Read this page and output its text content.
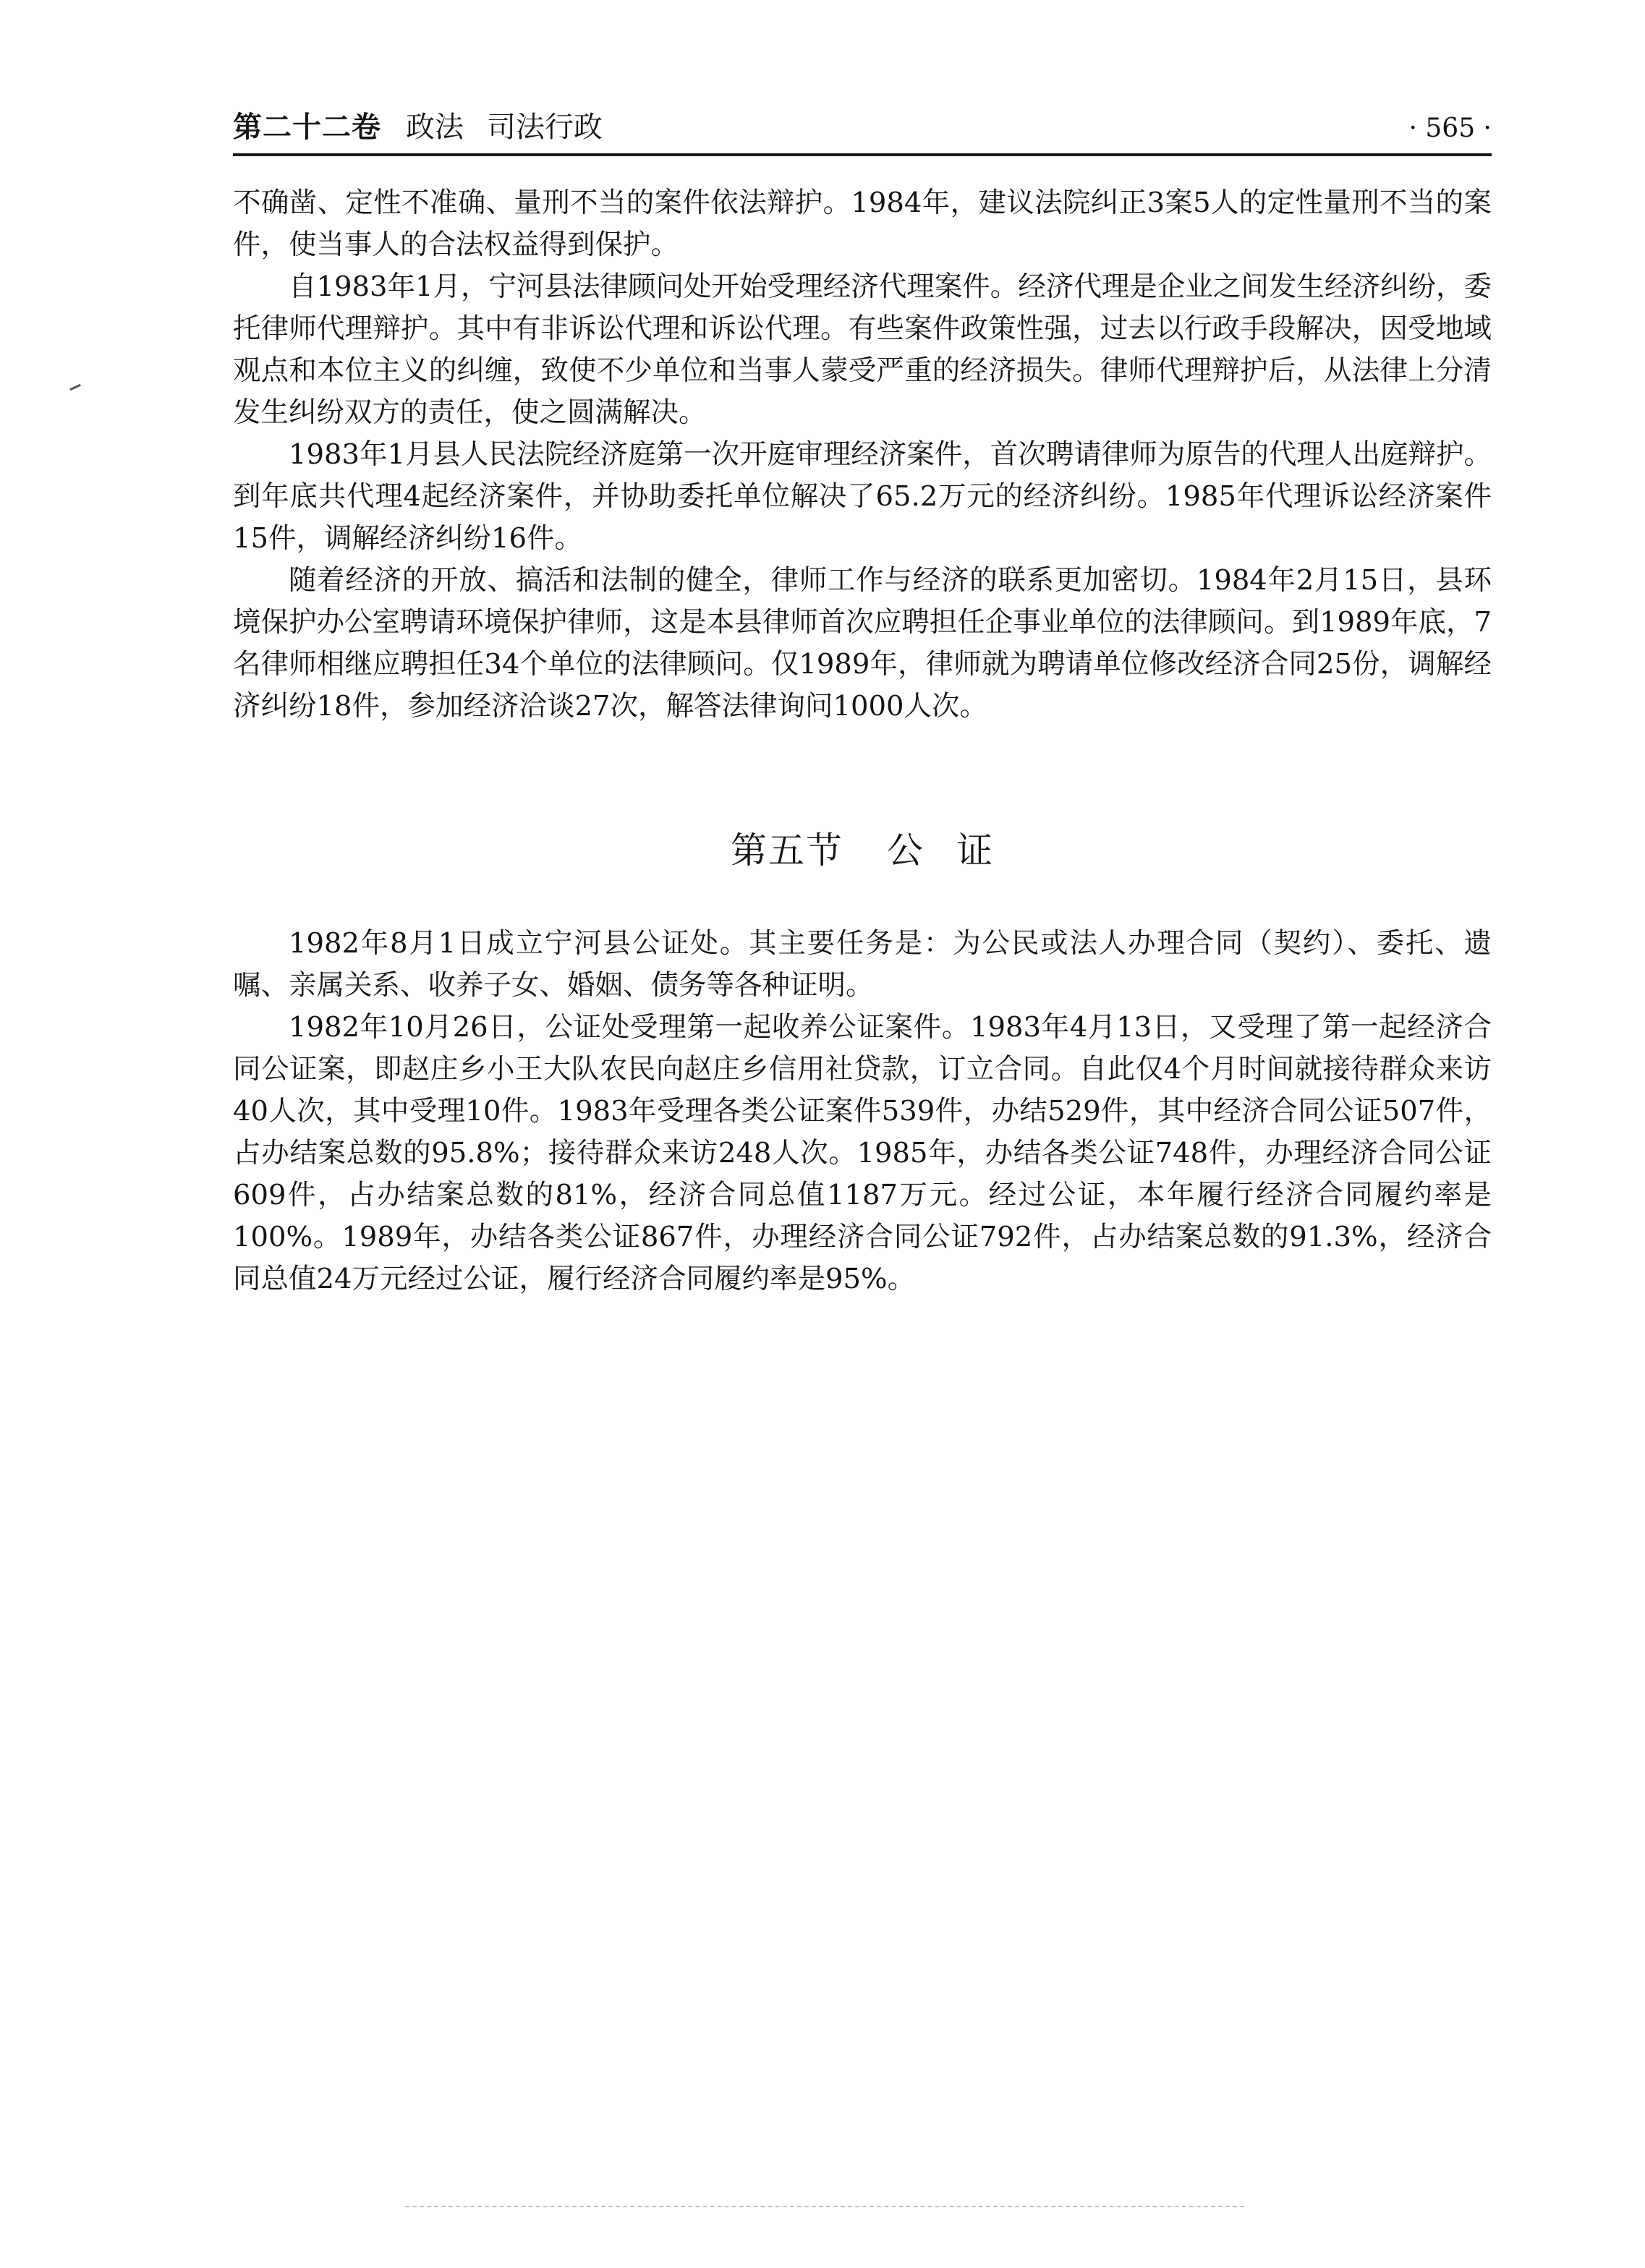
第二十二卷 政法 司法行政	· 565 ·

不确凿、定性不准确、量刑不当的案件依法辩护。1984年，建议法院纠正3案5人的定性量刑不当的案件，使当事人的合法权益得到保护。

自1983年1月，宁河县法律顾问处开始受理经济代理案件。经济代理是企业之间发生经济纠纷，委托律师代理辩护。其中有非诉讼代理和诉讼代理。有些案件政策性强，过去以行政手段解决，因受地域观点和本位主义的纠缠，致使不少单位和当事人蒙受严重的经济损失。律师代理辩护后，从法律上分清发生纠纷双方的责任，使之圆满解决。

1983年1月县人民法院经济庭第一次开庭审理经济案件，首次聘请律师为原告的代理人出庭辩护。到年底共代理4起经济案件，并协助委托单位解决了65.2万元的经济纠纷。1985年代理诉讼经济案件15件，调解经济纠纷16件。

随着经济的开放、搞活和法制的健全，律师工作与经济的联系更加密切。1984年2月15日，县环境保护办公室聘请环境保护律师，这是本县律师首次应聘担任企事业单位的法律顾问。到1989年底，7名律师相继应聘担任34个单位的法律顾问。仅1989年，律师就为聘请单位修改经济合同25份，调解经济纠纷18件，参加经济洽谈27次，解答法律询问1000人次。

第五节 公 证

1982年8月1日成立宁河县公证处。其主要任务是：为公民或法人办理合同（契约）、委托、遗嘱、亲属关系、收养子女、婚姻、债务等各种证明。

1982年10月26日，公证处受理第一起收养公证案件。1983年4月13日，又受理了第一起经济合同公证案，即赵庄乡小王大队农民向赵庄乡信用社贷款，订立合同。自此仅4个月时间就接待群众来访40人次，其中受理10件。1983年受理各类公证案件539件，办结529件，其中经济合同公证507件，占办结案总数的95.8%；接待群众来访248人次。1985年，办结各类公证748件，办理经济合同公证609件，占办结案总数的81%，经济合同总值1187万元。经过公证，本年履行经济合同履约率是100%。1989年，办结各类公证867件，办理经济合同公证792件，占办结案总数的91.3%，经济合同总值24万元经过公证，履行经济合同履约率是95%。
